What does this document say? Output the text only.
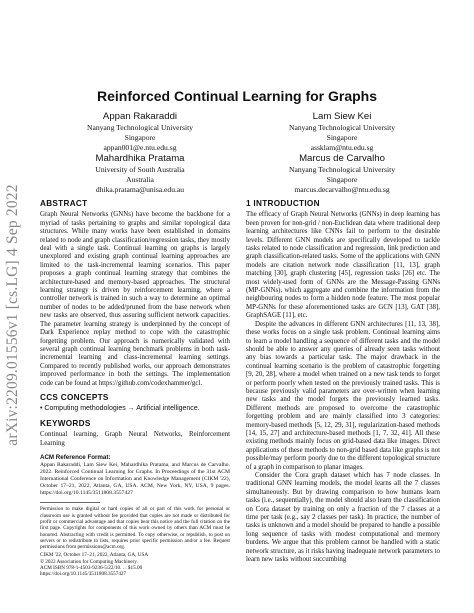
arXiv:2209.01556v1 [cs.LG] 4 Sep 2022
Reinforced Continual Learning for Graphs
Appan Rakaraddi
Nanyang Technological University
Singapore
appan001@e.ntu.edu.sg
Lam Siew Kei
Nanyang Technological University
Singapore
assklam@ntu.edu.sg
Mahardhika Pratama
University of South Australia
Australia
dhika.pratama@unisa.edu.au
Marcus de Carvalho
Nanyang Technological University
Singapore
marcus.decarvalho@ntu.edu.sg
ABSTRACT

Graph Neural Networks (GNNs) have become the backbone for a myriad of tasks pertaining to graphs and similar topological data structures. While many works have been established in domains related to node and graph classification/regression tasks, they mostly deal with a single task. Continual learning on graphs is largely unexplored and existing graph continual learning approaches are limited to the task-incremental learning scenarios. This paper proposes a graph continual learning strategy that combines the architecture-based and memory-based approaches. The structural learning strategy is driven by reinforcement learning, where a controller network is trained in such a way to determine an optimal number of nodes to be added/pruned from the base network when new tasks are observed, thus assuring sufficient network capacities. The parameter learning strategy is underpinned by the concept of Dark Experience replay method to cope with the catastrophic forgetting problem. Our approach is numerically validated with several graph continual learning benchmark problems in both task-incremental learning and class-incremental learning settings. Compared to recently published works, our approach demonstrates improved performance in both the settings. The implementation code can be found at https://github.com/codexhammer/gcl.

CCS CONCEPTS

• Computing methodologies → Artificial intelligence.

KEYWORDS

Continual learning, Graph Neural Networks, Reinforcement Learning

ACM Reference Format:

Appan Rakaraddi, Lam Siew Kei, Mahardhika Pratama, and Marcus de Carvalho. 2022. Reinforced Continual Learning for Graphs. In Proceedings of the 31st ACM International Conference on Information and Knowledge Management (CIKM '22), October 17–21, 2022, Atlanta, GA, USA. ACM, New York, NY, USA, 9 pages. https://doi.org/10.1145/3511808.3557427

Permission to make digital or hard copies of all or part of this work for personal or classroom use is granted without fee provided that copies are not made or distributed for profit or commercial advantage and that copies bear this notice and the full citation on the first page. Copyrights for components of this work owned by others than ACM must be honored. Abstracting with credit is permitted. To copy otherwise, or republish, to post on servers or to redistribute to lists, requires prior specific permission and/or a fee. Request permissions from permissions@acm.org.

CIKM '22, October 17–21, 2022, Atlanta, GA, USA
© 2022 Association for Computing Machinery.
ACM ISBN 978-1-4503-9236-5/22/10. . . $15.00
https://doi.org/10.1145/3511808.3557427
1 INTRODUCTION

The efficacy of Graph Neural Networks (GNNs) in deep learning has been proven for non-grid / non-Euclidean data where traditional deep learning architectures like CNNs fail to perform to the desirable levels. Different GNN models are specifically developed to tackle tasks related to node classification and regression, link prediction and graph classification-related tasks. Some of the applications with GNN models are citation network node classification [11, 13], graph matching [30], graph clustering [45], regression tasks [26] etc. The most widely-used form of GNNs are the Message-Passing GNNs (MP-GNNs), which aggregate and combine the information from the neighbouring nodes to form a hidden node feature. The most popular MP-GNNs for these aforementioned tasks are GCN [13], GAT [38], GraphSAGE [11], etc.

Despite the advances in different GNN architectures [11, 13, 38], these works focus on a single task problem. Continual learning aims to learn a model handling a sequence of different tasks and the model should be able to answer any queries of already seen tasks without any bias towards a particular task. The major drawback in the continual learning scenario is the problem of catastrophic forgetting [9, 20, 28], where a model when trained on a new task tends to forget or perform poorly when tested on the previously trained tasks. This is because previously valid parameters are over-written when learning new tasks and the model forgets the previously learned tasks. Different methods are proposed to overcome the catastrophic forgetting problem and are mainly classified into 3 categories: memory-based methods [5, 12, 29, 31], regularization-based methods [14, 15, 27] and architecture-based methods [1, 7, 32, 41]. All these existing methods mainly focus on grid-based data like images. Direct applications of these methods to non-grid based data like graphs is not possible/may perform poorly due to the different topological structure of a graph in comparison to planar images.

Consider the Cora graph dataset which has 7 node classes. In traditional GNN learning models, the model learns all the 7 classes simultaneously. But by drawing comparison to how humans learn tasks (i.e., sequentially), the model should also learn the classification on Cora dataset by training on only a fraction of the 7 classes at a time per task (e.g., say 2 classes per task). In practice, the number of tasks is unknown and a model should be prepared to handle a possible long sequence of tasks with modest computational and memory burdens. We argue that this problem cannot be handled with a static network structure, as it risks having inadequate network parameters to learn new tasks without succumbing
